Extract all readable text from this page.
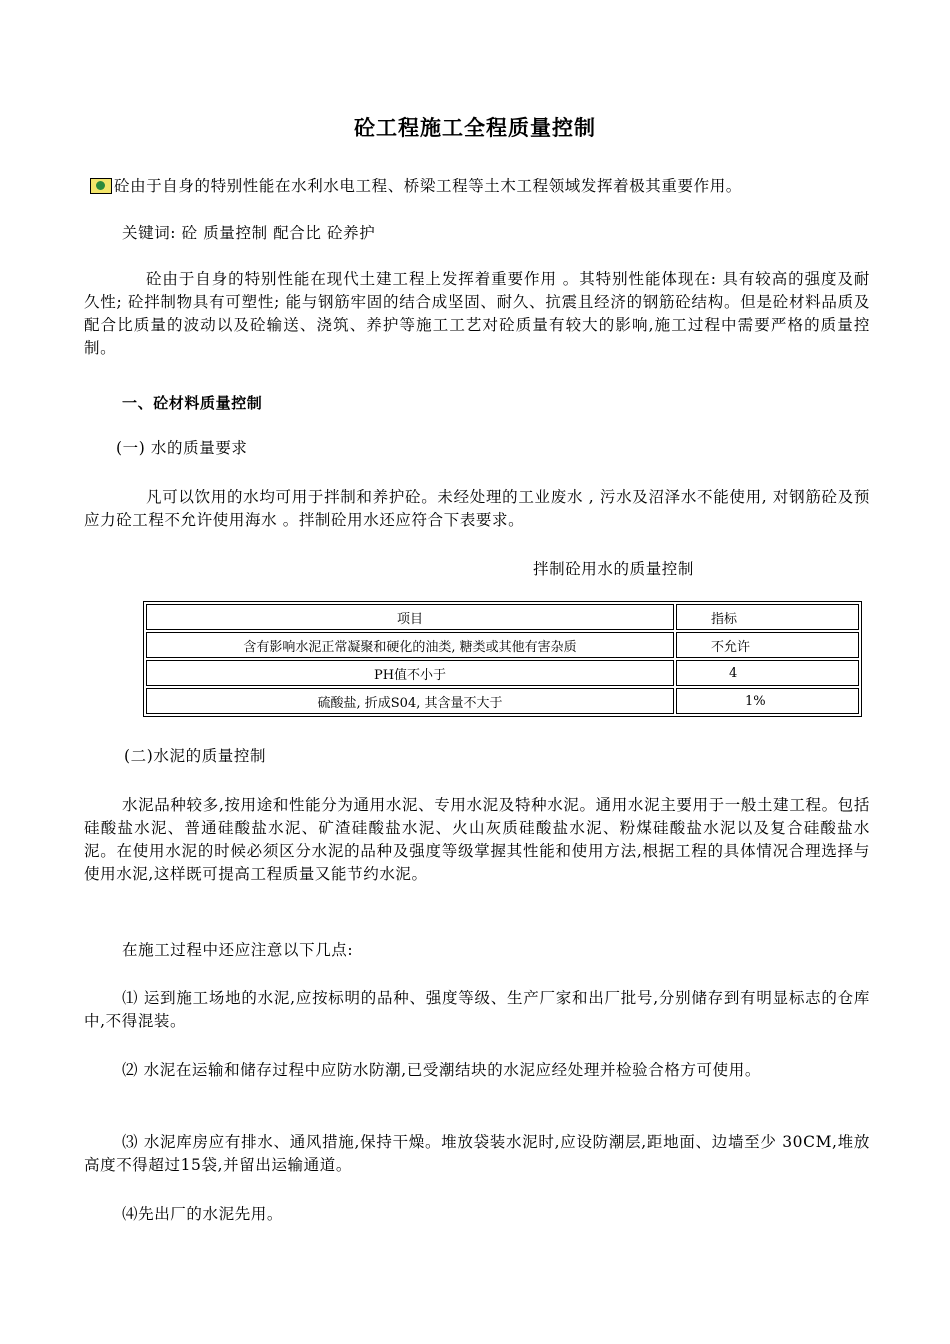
砼工程施工全程质量控制
砼由于自身的特别性能在水利水电工程、桥梁工程等土木工程领域发挥着极其重要作用。
关键词: 砼 质量控制 配合比 砼养护
砼由于自身的特别性能在现代土建工程上发挥着重要作用 。其特别性能体现在: 具有较高的强度及耐久性; 砼拌制物具有可塑性; 能与钢筋牢固的结合成坚固、耐久、抗震且经济的钢筋砼结构。但是砼材料品质及配合比质量的波动以及砼输送、浇筑、养护等施工工艺对砼质量有较大的影响,施工过程中需要严格的质量控制。
一、砼材料质量控制
(一) 水的质量要求
凡可以饮用的水均可用于拌制和养护砼。未经处理的工业废水 , 污水及沼泽水不能使用, 对钢筋砼及预应力砼工程不允许使用海水 。拌制砼用水还应符合下表要求。
拌制砼用水的质量控制
项目	指标
含有影响水泥正常凝聚和硬化的油类, 糖类或其他有害杂质	不允许
PH值不小于	4
硫酸盐, 折成S04, 其含量不大于	1%
(二)水泥的质量控制
水泥品种较多,按用途和性能分为通用水泥、专用水泥及特种水泥。通用水泥主要用于一般土建工程。包括硅酸盐水泥、普通硅酸盐水泥、矿渣硅酸盐水泥、火山灰质硅酸盐水泥、粉煤硅酸盐水泥以及复合硅酸盐水泥。在使用水泥的时候必须区分水泥的品种及强度等级掌握其性能和使用方法,根据工程的具体情况合理选择与使用水泥,这样既可提高工程质量又能节约水泥。
在施工过程中还应注意以下几点:
⑴ 运到施工场地的水泥,应按标明的品种、强度等级、生产厂家和出厂批号,分别储存到有明显标志的仓库中,不得混装。
⑵ 水泥在运输和储存过程中应防水防潮,已受潮结块的水泥应经处理并检验合格方可使用。
⑶ 水泥库房应有排水、通风措施,保持干燥。堆放袋装水泥时,应设防潮层,距地面、边墙至少 30CM,堆放高度不得超过15袋,并留出运输通道。
⑷先出厂的水泥先用。
